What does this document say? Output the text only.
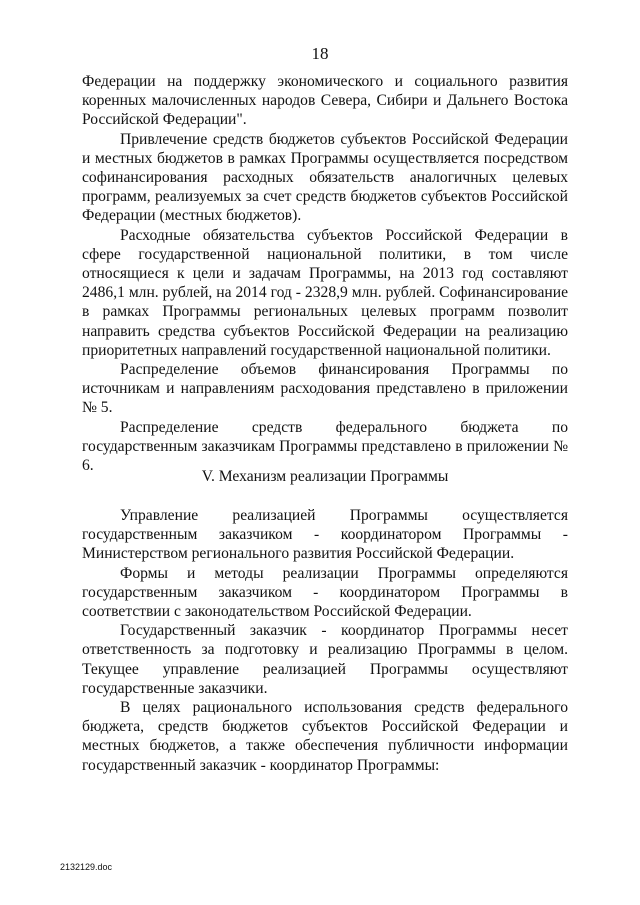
18

Федерации на поддержку экономического и социального развития коренных малочисленных народов Севера, Сибири и Дальнего Востока Российской Федерации".

Привлечение средств бюджетов субъектов Российской Федерации и местных бюджетов в рамках Программы осуществляется посредством софинансирования расходных обязательств аналогичных целевых программ, реализуемых за счет средств бюджетов субъектов Российской Федерации (местных бюджетов).

Расходные обязательства субъектов Российской Федерации в сфере государственной национальной политики, в том числе относящиеся к цели и задачам Программы, на 2013 год составляют 2486,1 млн. рублей, на 2014 год - 2328,9 млн. рублей. Софинансирование в рамках Программы региональных целевых программ позволит направить средства субъектов Российской Федерации на реализацию приоритетных направлений государственной национальной политики.

Распределение объемов финансирования Программы по источникам и направлениям расходования представлено в приложении № 5.

Распределение средств федерального бюджета по государственным заказчикам Программы представлено в приложении № 6.

V. Механизм реализации Программы

Управление реализацией Программы осуществляется государственным заказчиком - координатором Программы - Министерством регионального развития Российской Федерации.

Формы и методы реализации Программы определяются государственным заказчиком - координатором Программы в соответствии с законодательством Российской Федерации.

Государственный заказчик - координатор Программы несет ответственность за подготовку и реализацию Программы в целом. Текущее управление реализацией Программы осуществляют государственные заказчики.

В целях рационального использования средств федерального бюджета, средств бюджетов субъектов Российской Федерации и местных бюджетов, а также обеспечения публичности информации государственный заказчик - координатор Программы:

2132129.doc
